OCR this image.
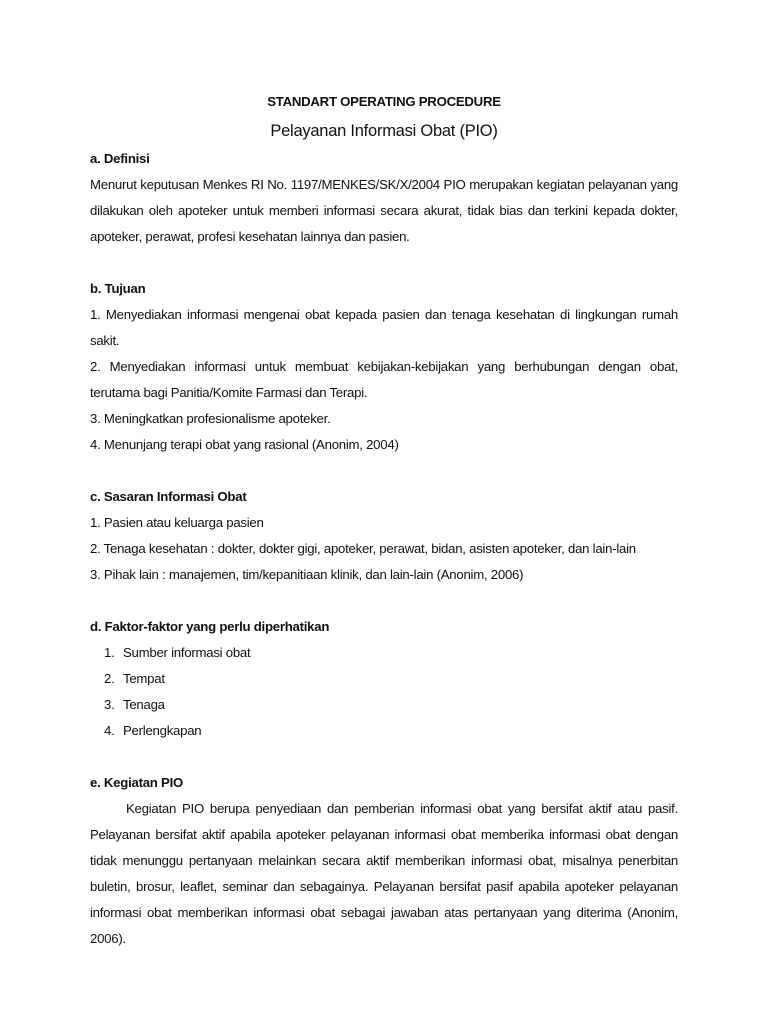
STANDART OPERATING PROCEDURE

Pelayanan Informasi Obat (PIO)

a. Definisi

Menurut keputusan Menkes RI No. 1197/MENKES/SK/X/2004 PIO merupakan kegiatan pelayanan yang dilakukan oleh apoteker untuk memberi informasi secara akurat, tidak bias dan terkini kepada dokter, apoteker, perawat, profesi kesehatan lainnya dan pasien.

b. Tujuan

1. Menyediakan informasi mengenai obat kepada pasien dan tenaga kesehatan di lingkungan rumah sakit.
2. Menyediakan informasi untuk membuat kebijakan-kebijakan yang berhubungan dengan obat, terutama bagi Panitia/Komite Farmasi dan Terapi.
3. Meningkatkan profesionalisme apoteker.
4. Menunjang terapi obat yang rasional (Anonim, 2004)

c. Sasaran Informasi Obat

1. Pasien atau keluarga pasien
2. Tenaga kesehatan : dokter, dokter gigi, apoteker, perawat, bidan, asisten apoteker, dan lain-lain
3. Pihak lain : manajemen, tim/kepanitiaan klinik, dan lain-lain (Anonim, 2006)

d. Faktor-faktor yang perlu diperhatikan

1. Sumber informasi obat
2. Tempat
3. Tenaga
4. Perlengkapan

e. Kegiatan PIO

Kegiatan PIO berupa penyediaan dan pemberian informasi obat yang bersifat aktif atau pasif. Pelayanan bersifat aktif apabila apoteker pelayanan informasi obat memberika informasi obat dengan tidak menunggu pertanyaan melainkan secara aktif memberikan informasi obat, misalnya penerbitan buletin, brosur, leaflet, seminar dan sebagainya. Pelayanan bersifat pasif apabila apoteker pelayanan informasi obat memberikan informasi obat sebagai jawaban atas pertanyaan yang diterima (Anonim, 2006).
